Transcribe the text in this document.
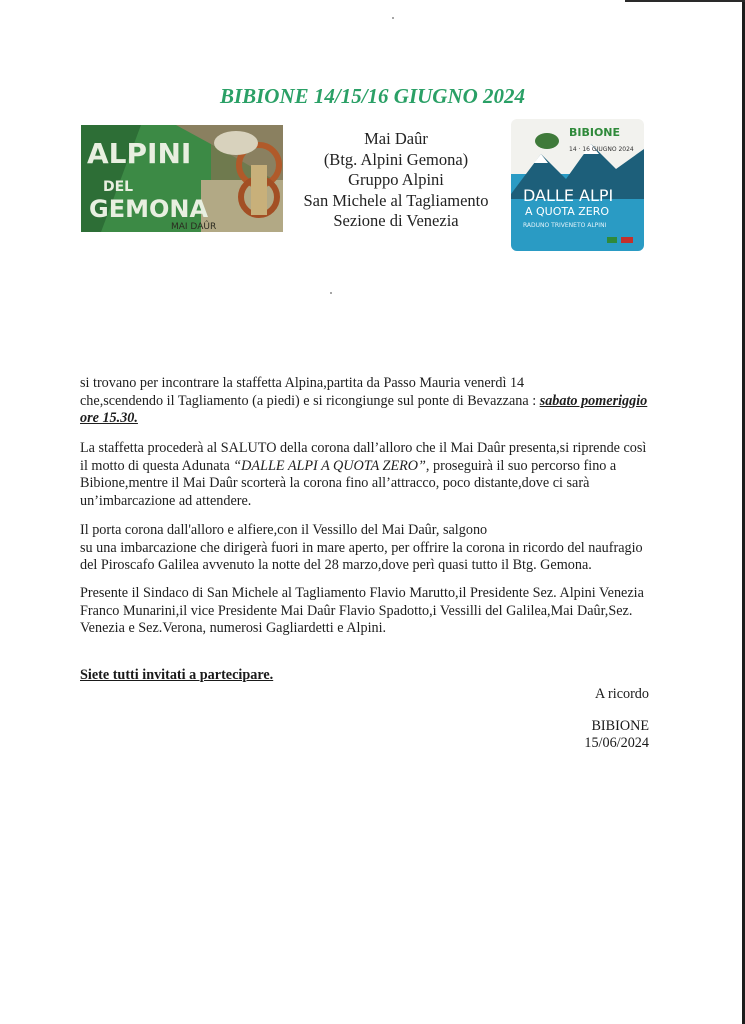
BIBIONE 14/15/16 GIUGNO 2024
ALPINI
DEL
GEMONA
MAI DAÛR
Mai Daûr
(Btg. Alpini Gemona)
Gruppo Alpini
San Michele al Tagliamento
Sezione di Venezia
BIBIONE
14 · 16 GIUGNO 2024
DALLE ALPI
A QUOTA ZERO
RADUNO TRIVENETO ALPINI
si trovano per incontrare la staffetta Alpina,partita da Passo Mauria venerdì 14
che,scendendo il Tagliamento (a piedi) e si ricongiunge sul ponte di Bevazzana : sabato pomeriggio
ore 15.30.
La staffetta procederà al SALUTO della corona dall’alloro che il Mai Daûr presenta,si riprende così
il motto di questa Adunata “DALLE ALPI A QUOTA ZERO”, proseguirà il suo percorso fino a
Bibione,mentre il Mai Daûr scorterà la corona fino all’attracco, poco distante,dove ci sarà
un’imbarcazione ad attendere.
Il porta corona dall'alloro e alfiere,con il Vessillo del Mai Daûr, salgono
su una imbarcazione che dirigerà fuori in mare aperto, per offrire la corona in ricordo del naufragio
del Piroscafo Galilea avvenuto la notte del 28 marzo,dove perì quasi tutto il Btg. Gemona.
Presente il Sindaco di San Michele al Tagliamento Flavio Marutto,il Presidente Sez. Alpini Venezia
Franco Munarini,il vice Presidente Mai Daûr Flavio Spadotto,i Vessilli del Galilea,Mai Daûr,Sez.
Venezia e Sez.Verona, numerosi Gagliardetti e Alpini.
Siete tutti invitati a partecipare.
A ricordo
BIBIONE
15/06/2024
